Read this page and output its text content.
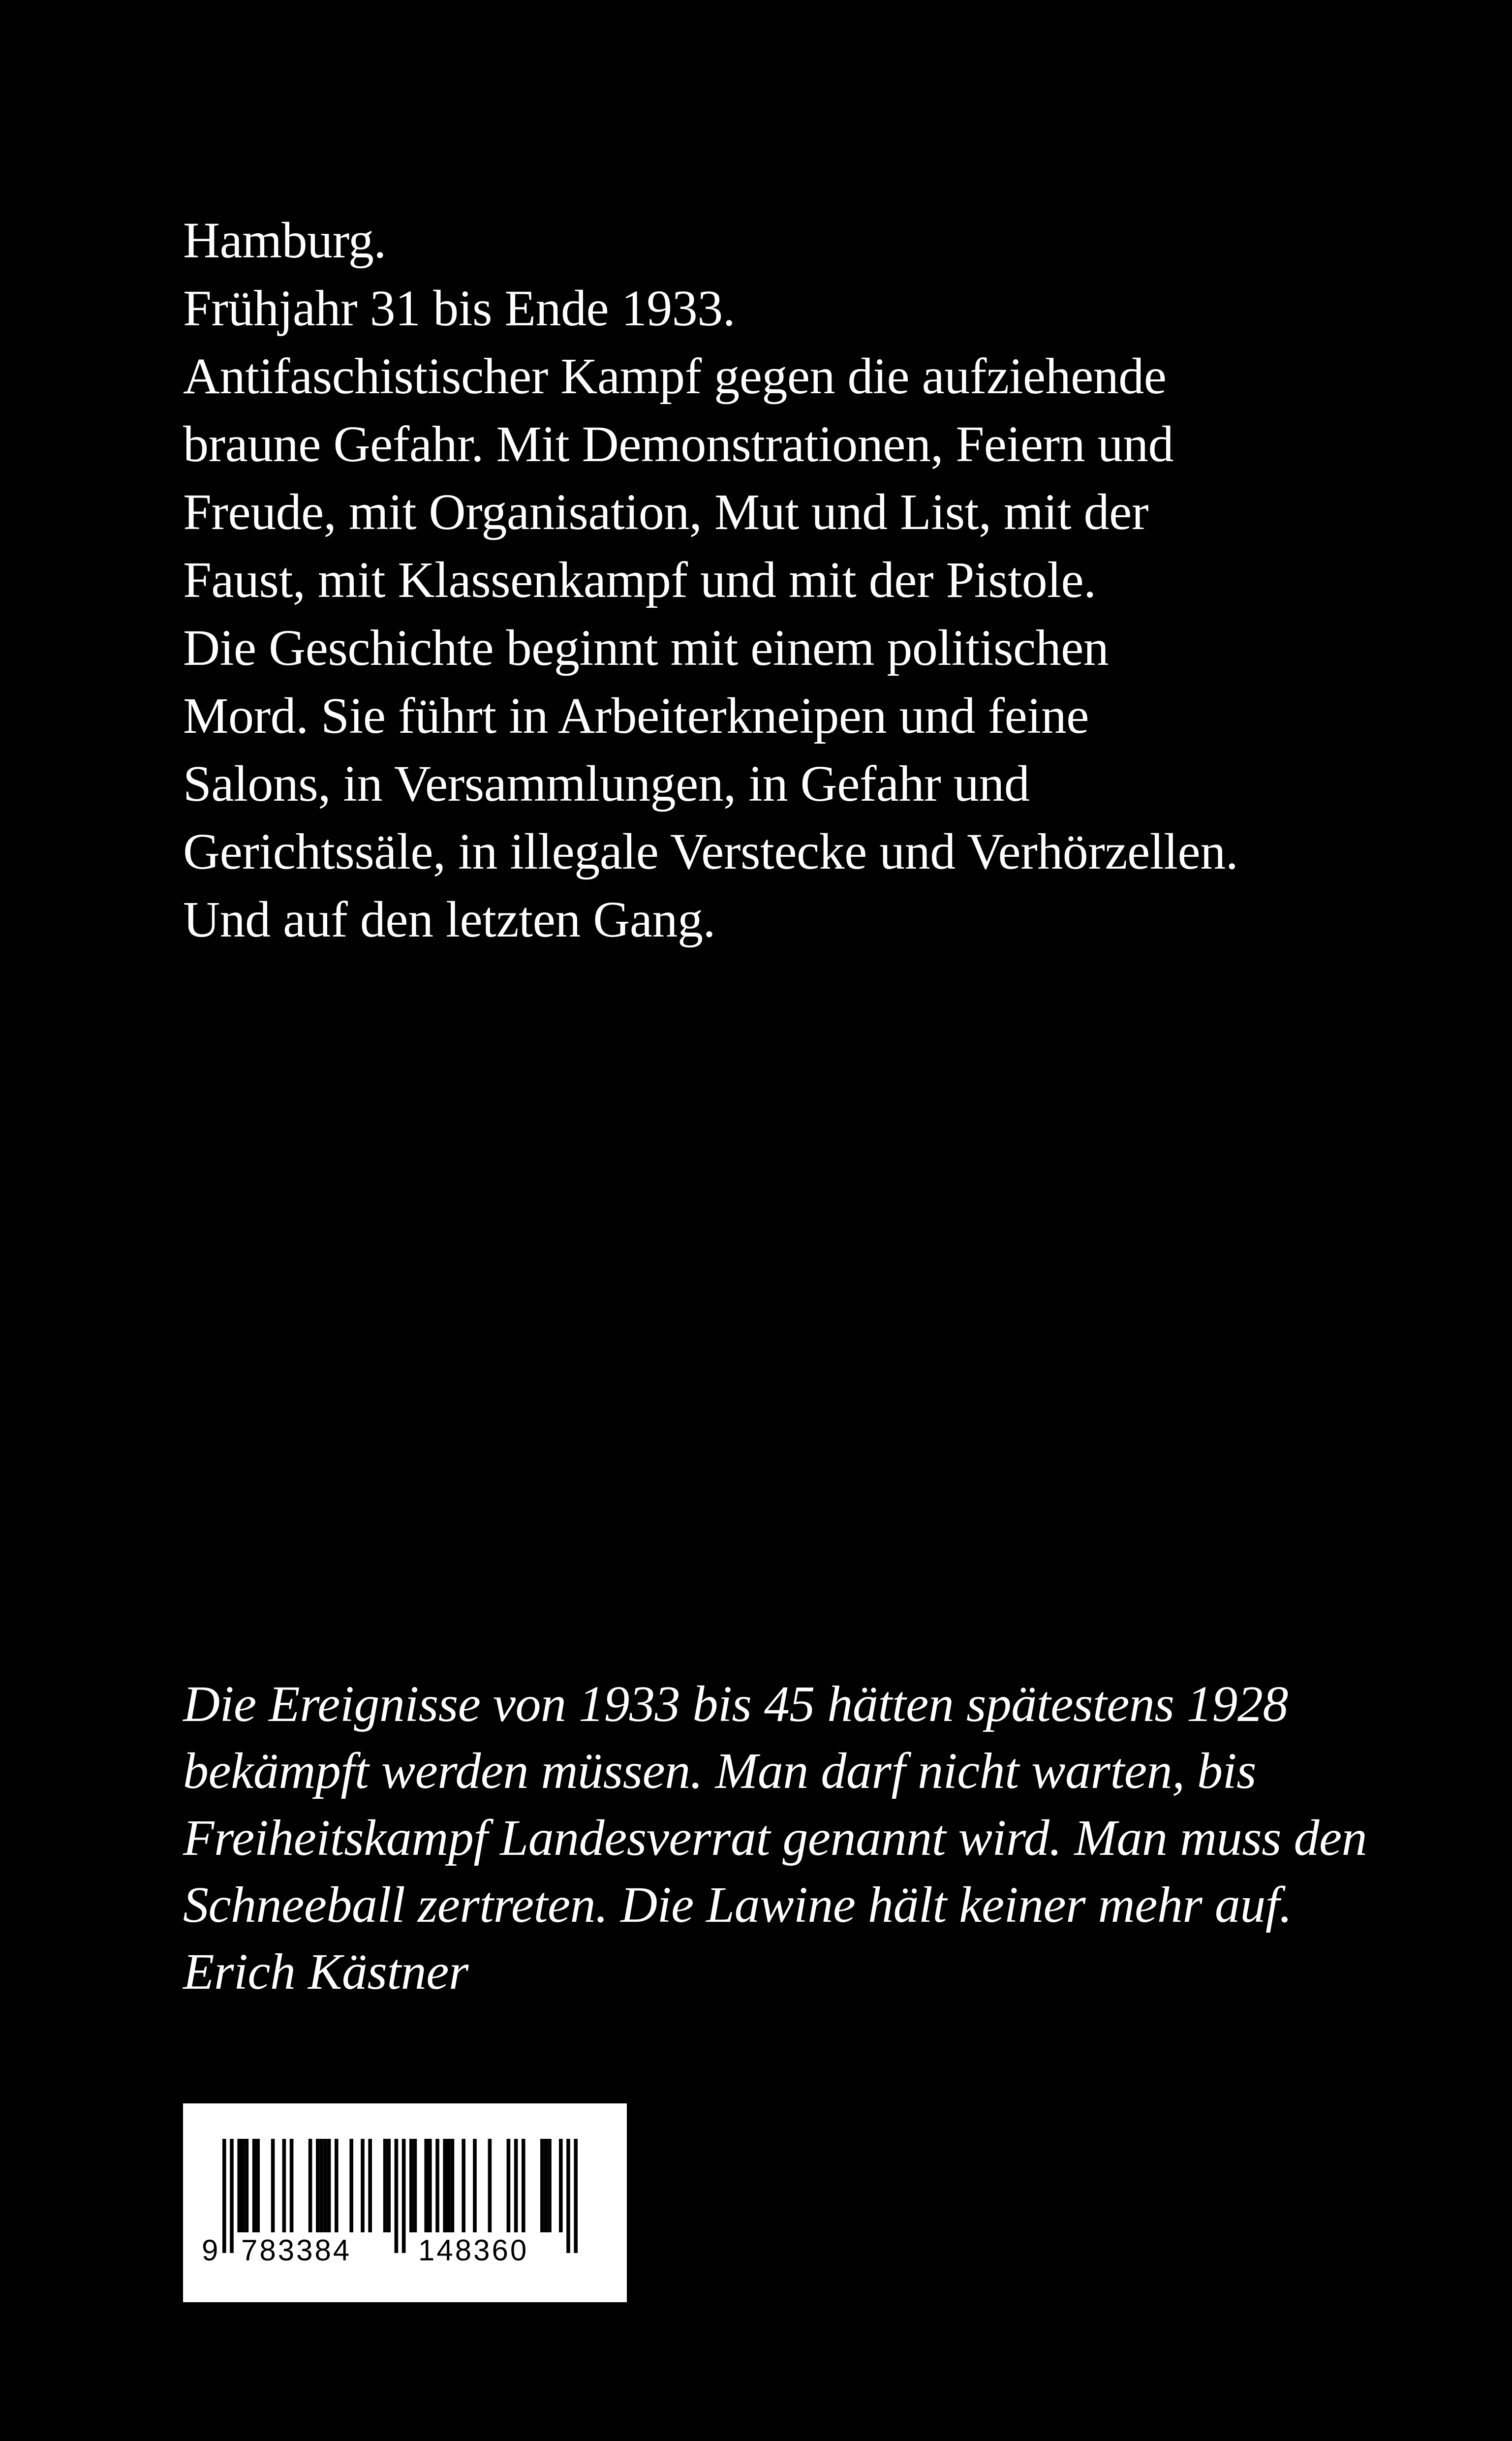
Hamburg.
Frühjahr 31 bis Ende 1933.
Antifaschistischer Kampf gegen die aufziehende
braune Gefahr. Mit Demonstrationen, Feiern und
Freude, mit Organisation, Mut und List, mit der
Faust, mit Klassenkampf und mit der Pistole.
Die Geschichte beginnt mit einem politischen
Mord. Sie führt in Arbeiterkneipen und feine
Salons, in Versammlungen, in Gefahr und
Gerichtssäle, in illegale Verstecke und Verhörzellen.
Und auf den letzten Gang.
Die Ereignisse von 1933 bis 45 hätten spätestens 1928
bekämpft werden müssen. Man darf nicht warten, bis
Freiheitskampf Landesverrat genannt wird. Man muss den
Schneeball zertreten. Die Lawine hält keiner mehr auf.
Erich Kästner
9 783384 148360
